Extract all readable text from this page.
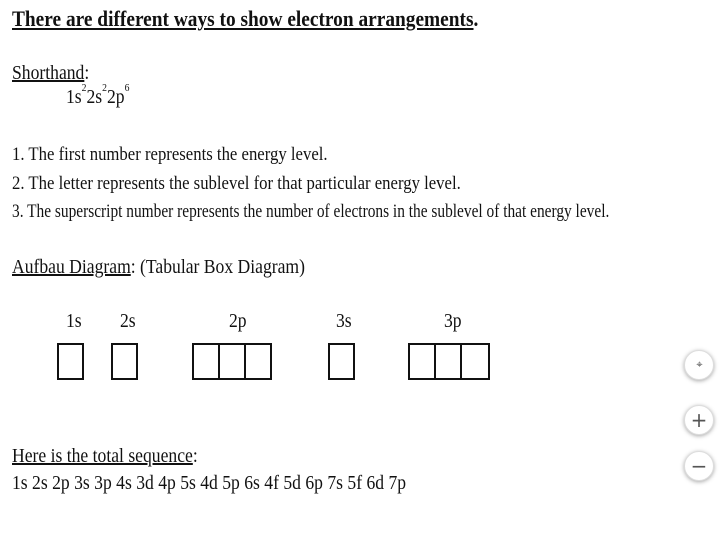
There are different ways to show electron arrangements.
Shorthand:
$1s^22s^22p^6$
1. The first number represents the energy level.
2. The letter represents the sublevel for that particular energy level.
3. The superscript number represents the number of electrons in the sublevel of that energy level.
Aufbau Diagram: (Tabular Box Diagram)
1s 2s	2p	3s	3p
Here is the total sequence:
1s 2s 2p 3s 3p 4s 3d 4p 5s 4d 5p 6s 4f 5d 6p 7s 5f 6d 7p
⌖
+
−
